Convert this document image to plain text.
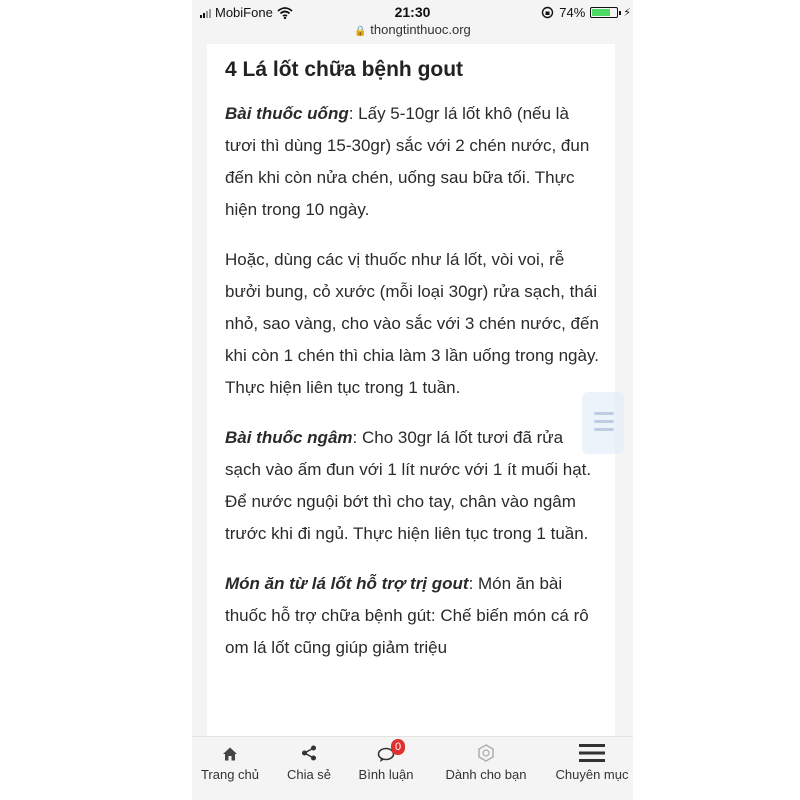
MobiFone	21:30	74%	⚡
🔒 thongtinthuoc.org
4 Lá lốt chữa bệnh gout

Bài thuốc uống: Lấy 5-10gr lá lốt khô (nếu là tươi thì dùng 15-30gr) sắc với 2 chén nước, đun đến khi còn nửa chén, uống sau bữa tối. Thực hiện trong 10 ngày.

Hoặc, dùng các vị thuốc như lá lốt, vòi voi, rễ bưởi bung, cỏ xước (mỗi loại 30gr) rửa sạch, thái nhỏ, sao vàng, cho vào sắc với 3 chén nước, đến khi còn 1 chén thì chia làm 3 lần uống trong ngày. Thực hiện liên tục trong 1 tuần.

Bài thuốc ngâm: Cho 30gr lá lốt tươi đã rửa sạch vào ấm đun với 1 lít nước với 1 ít muối hạt. Để nước nguội bớt thì cho tay, chân vào ngâm trước khi đi ngủ. Thực hiện liên tục trong 1 tuần.

Món ăn từ lá lốt hỗ trợ trị gout: Món ăn bài thuốc hỗ trợ chữa bệnh gút: Chế biến món cá rô om lá lốt cũng giúp giảm triệu

Trang chủ	Chia sẻ
0
Bình luận	Dành cho bạn	Chuyên mục
